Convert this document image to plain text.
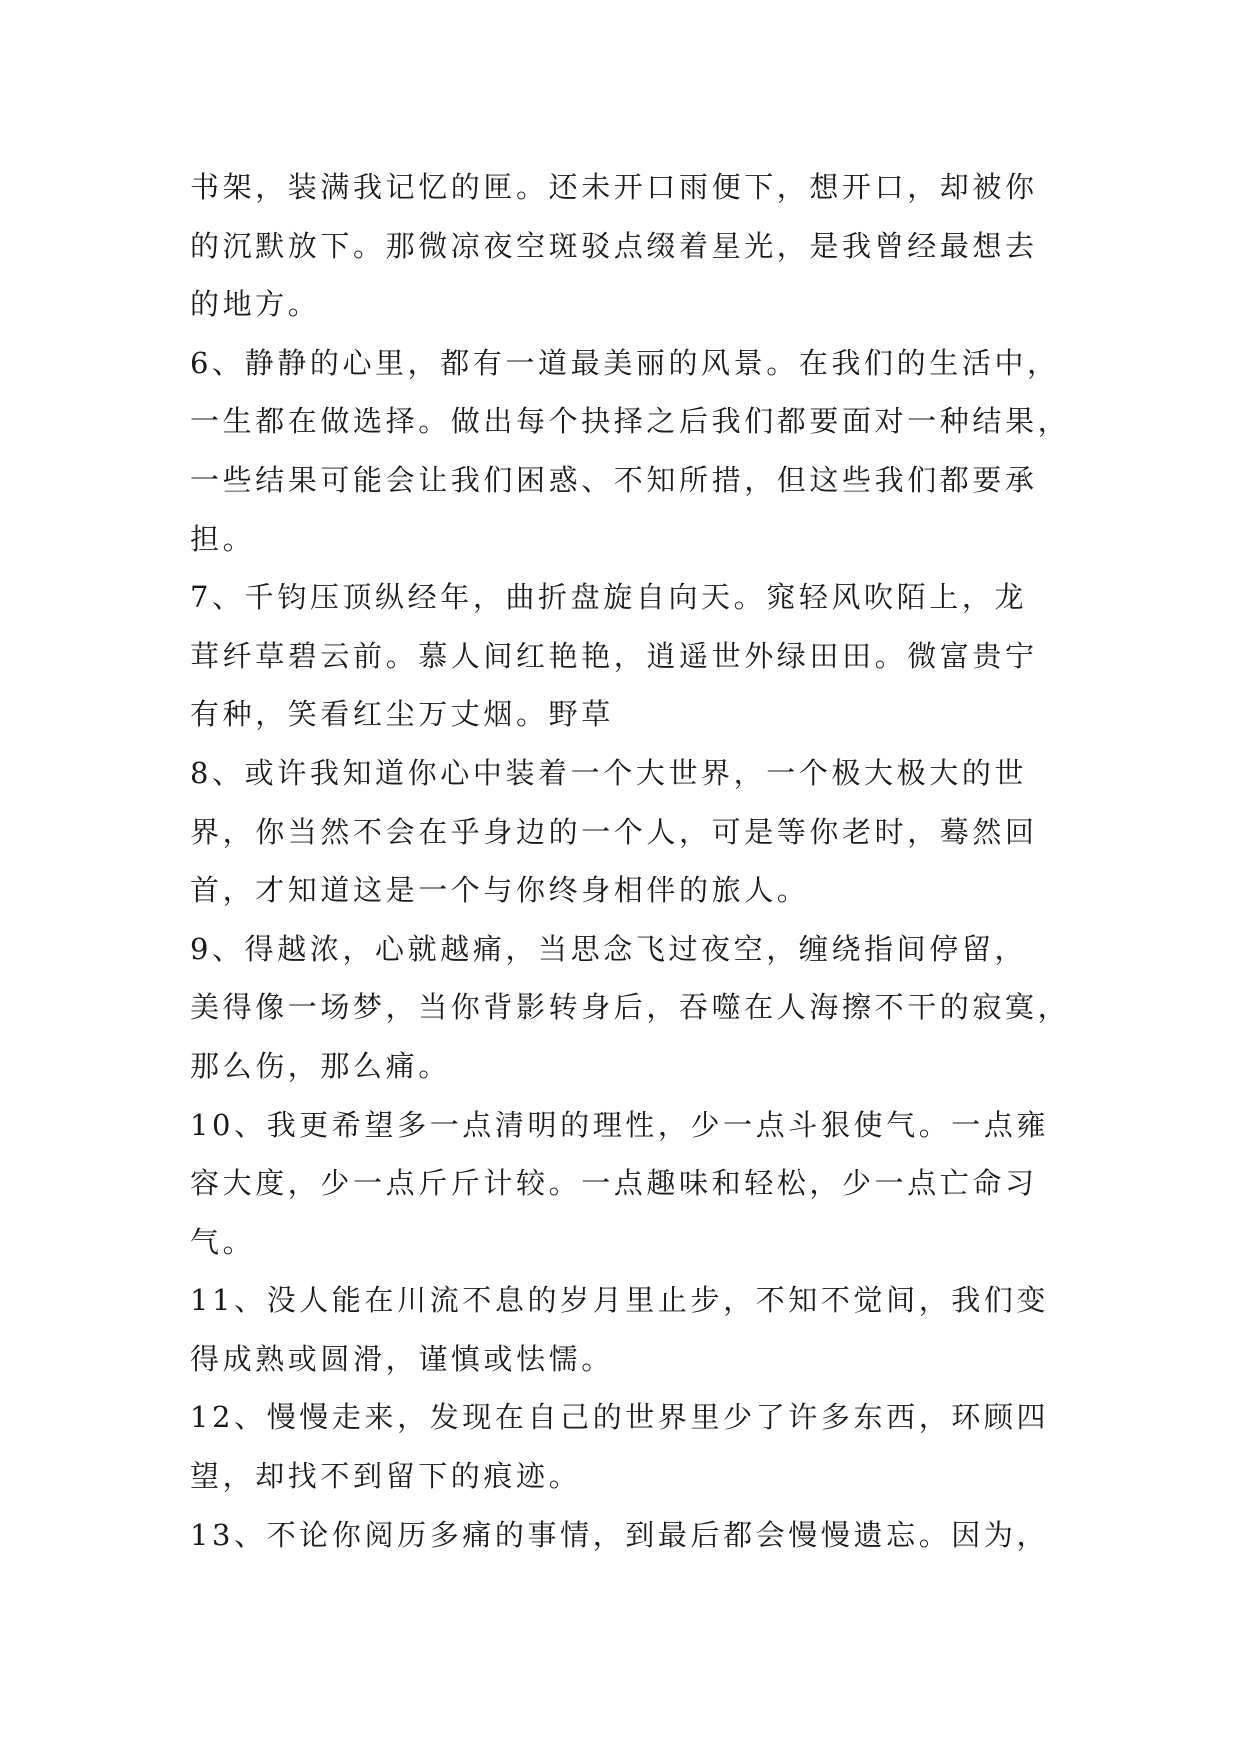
书架，装满我记忆的匣。还未开口雨便下，想开口，却被你
的沉默放下。那微凉夜空斑驳点缀着星光，是我曾经最想去
的地方。
6、静静的心里，都有一道最美丽的风景。在我们的生活中，
一生都在做选择。做出每个抉择之后我们都要面对一种结果，
一些结果可能会让我们困惑、不知所措，但这些我们都要承
担。
7、千钧压顶纵经年，曲折盘旋自向天。窕轻风吹陌上，龙
茸纤草碧云前。慕人间红艳艳，逍遥世外绿田田。微富贵宁
有种，笑看红尘万丈烟。野草
8、或许我知道你心中装着一个大世界，一个极大极大的世
界，你当然不会在乎身边的一个人，可是等你老时，蓦然回
首，才知道这是一个与你终身相伴的旅人。
9、得越浓，心就越痛，当思念飞过夜空，缠绕指间停留，
美得像一场梦，当你背影转身后，吞噬在人海擦不干的寂寞，
那么伤，那么痛。
10、我更希望多一点清明的理性，少一点斗狠使气。一点雍
容大度，少一点斤斤计较。一点趣味和轻松，少一点亡命习
气。
11、没人能在川流不息的岁月里止步，不知不觉间，我们变
得成熟或圆滑，谨慎或怯懦。
12、慢慢走来，发现在自己的世界里少了许多东西，环顾四
望，却找不到留下的痕迹。
13、不论你阅历多痛的事情，到最后都会慢慢遗忘。因为，
